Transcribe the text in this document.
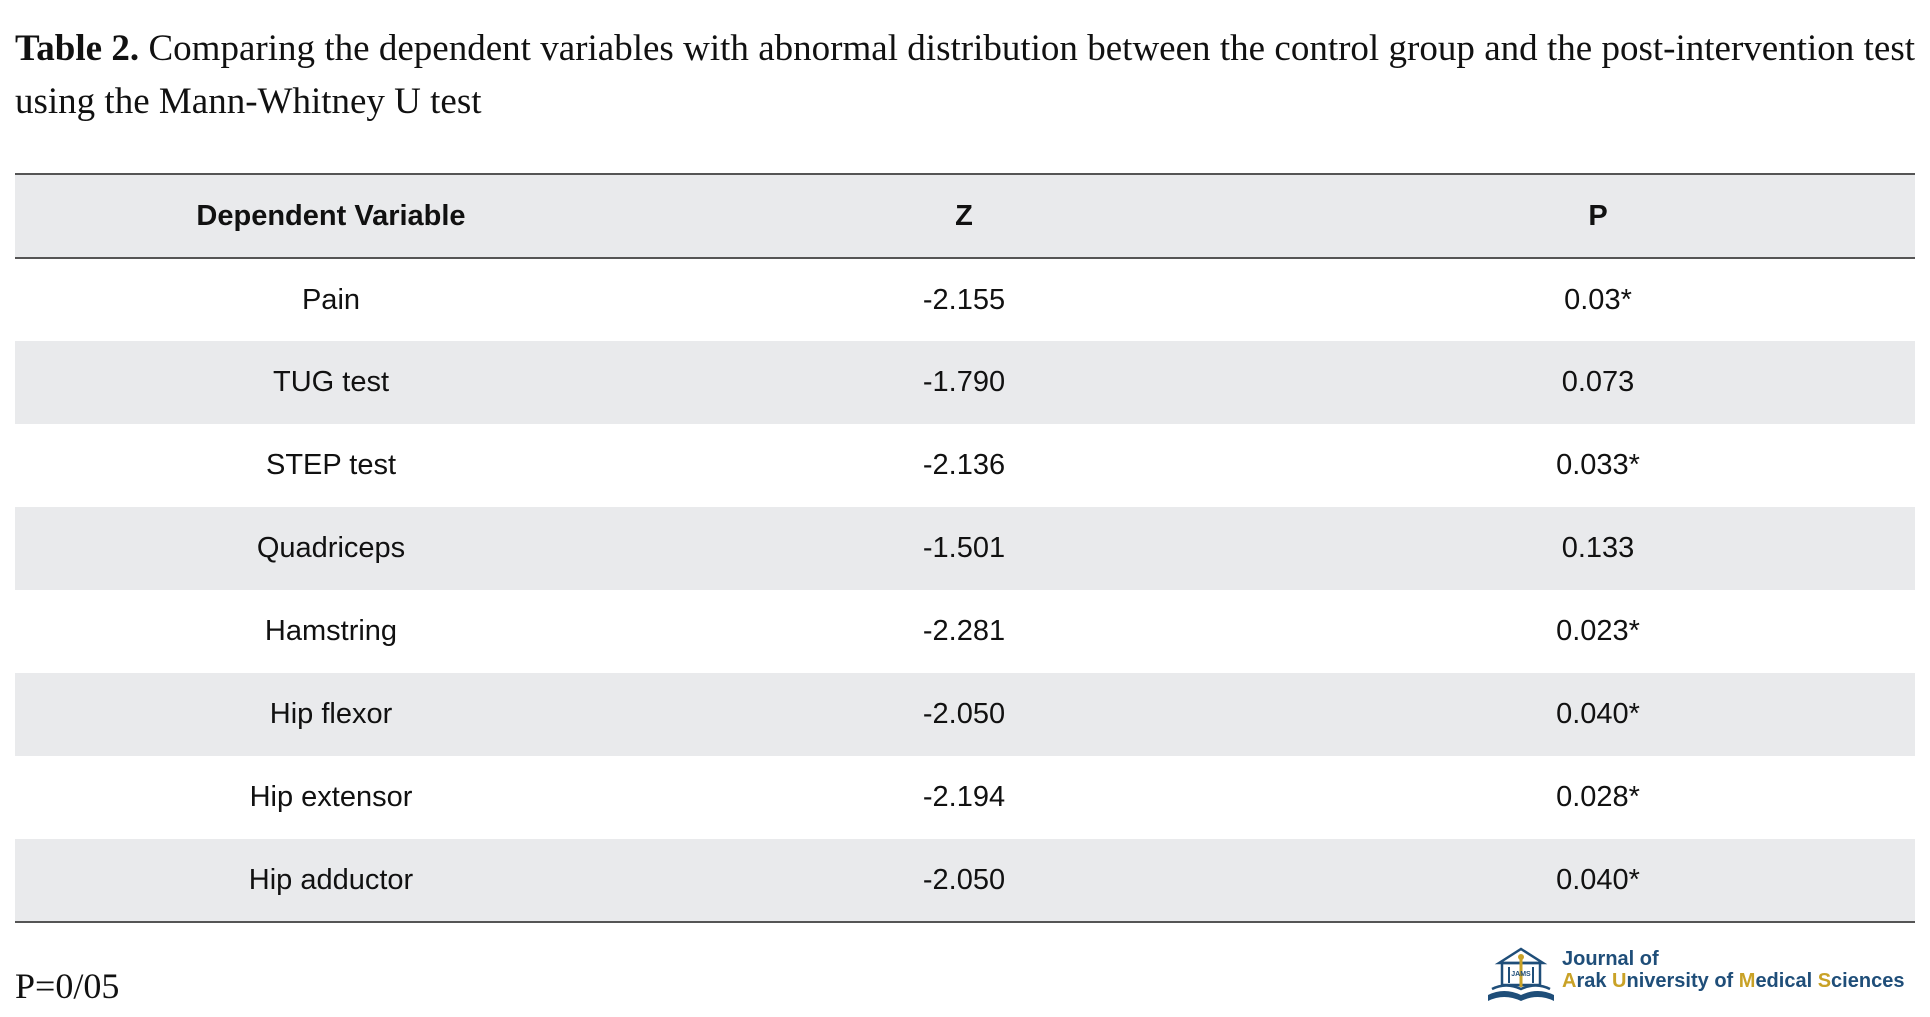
Table 2. Comparing the dependent variables with abnormal distribution between the control group and the post-intervention test using the Mann-Whitney U test
Dependent Variable	Z	P
Pain	-2.155	0.03*
TUG test	-1.790	0.073
STEP test	-2.136	0.033*
Quadriceps	-1.501	0.133
Hamstring	-2.281	0.023*
Hip flexor	-2.050	0.040*
Hip extensor	-2.194	0.028*
Hip adductor	-2.050	0.040*
P=0/05	JAMS
Journal of
Arak University of Medical Sciences
